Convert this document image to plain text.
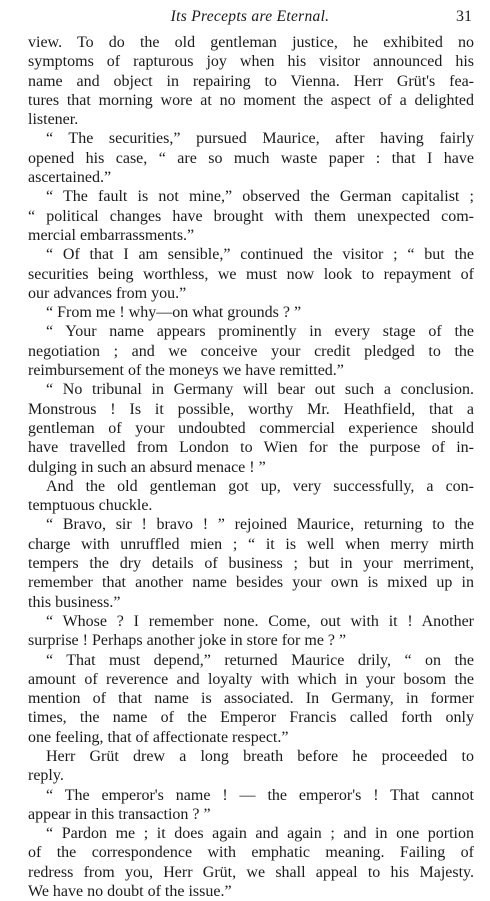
Its Precepts are Eternal.	31
view. To do the old gentleman justice, he exhibited no
symptoms of rapturous joy when his visitor announced his
name and object in repairing to Vienna. Herr Grüt's fea-
tures that morning wore at no moment the aspect of a delighted
listener.
“ The securities,” pursued Maurice, after having fairly
opened his case, “ are so much waste paper : that I have
ascertained.”
“ The fault is not mine,” observed the German capitalist ;
“ political changes have brought with them unexpected com-
mercial embarrassments.”
“ Of that I am sensible,” continued the visitor ; “ but the
securities being worthless, we must now look to repayment of
our advances from you.”
“ From me ! why—on what grounds ? ”
“ Your name appears prominently in every stage of the
negotiation ; and we conceive your credit pledged to the
reimbursement of the moneys we have remitted.”
“ No tribunal in Germany will bear out such a conclusion.
Monstrous ! Is it possible, worthy Mr. Heathfield, that a
gentleman of your undoubted commercial experience should
have travelled from London to Wien for the purpose of in-
dulging in such an absurd menace ! ”
And the old gentleman got up, very successfully, a con-
temptuous chuckle.
“ Bravo, sir ! bravo ! ” rejoined Maurice, returning to the
charge with unruffled mien ; “ it is well when merry mirth
tempers the dry details of business ; but in your merriment,
remember that another name besides your own is mixed up in
this business.”
“ Whose ? I remember none. Come, out with it ! Another
surprise ! Perhaps another joke in store for me ? ”
“ That must depend,” returned Maurice drily, “ on the
amount of reverence and loyalty with which in your bosom the
mention of that name is associated. In Germany, in former
times, the name of the Emperor Francis called forth only
one feeling, that of affectionate respect.”
Herr Grüt drew a long breath before he proceeded to
reply.
“ The emperor's name ! — the emperor's ! That cannot
appear in this transaction ? ”
“ Pardon me ; it does again and again ; and in one portion
of the correspondence with emphatic meaning. Failing of
redress from you, Herr Grüt, we shall appeal to his Majesty.
We have no doubt of the issue.”
